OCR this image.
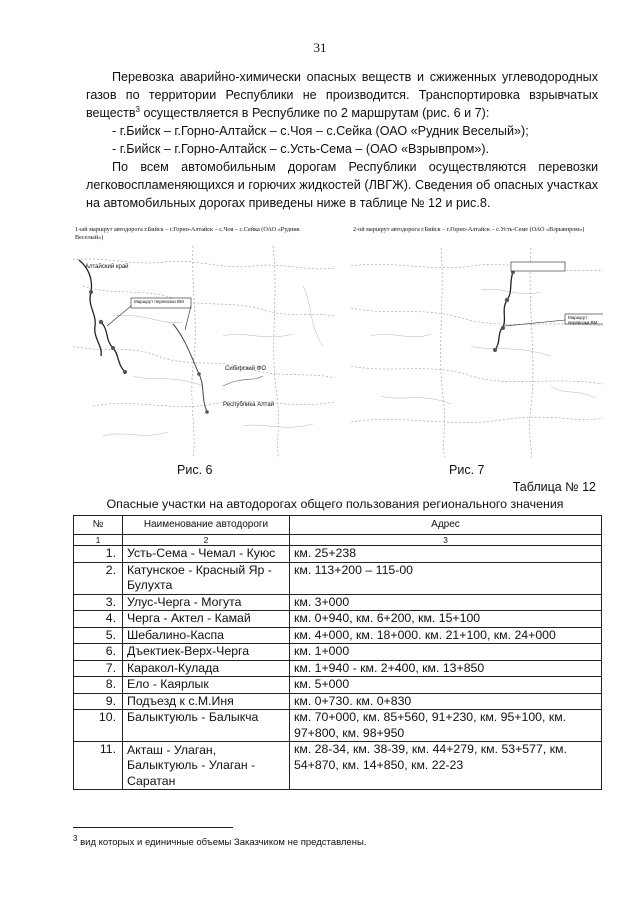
31

Перевозка аварийно-химически опасных веществ и сжиженных углеводородных газов по территории Республики не производится. Транспортировка взрывчатых веществ$^3$ осуществляется в Республике по 2 маршрутам (рис. 6 и 7):

- г.Бийск – г.Горно-Алтайск – с.Чоя – с.Сейка (ОАО «Рудник Веселый»);

- г.Бийск – г.Горно-Алтайск – с.Усть-Сема – (ОАО «Взрывпром»).

По всем автомобильным дорогам Республики осуществляются перевозки легковоспламеняющихся и горючих жидкостей (ЛВГЖ). Сведения об опасных участках на автомобильных дорогах приведены ниже в таблице № 12 и рис.8.

1-ый маршрут автодорога г.Бийск – г.Горно-Алтайск – с.Чоя – с.Сейка (ОАО «Рудник Веселый»)
Алтайский край
Маршрут перевозки ВМ
Сибирский ФО
Республика Алтай
2-ой маршрут автодорога г.Бийск – г.Горно-Алтайск – с.Усть-Семе (ОАО «Взрывпром»)
Маршрут перевозки ВМ
Рис. 6	Рис. 7
Таблица № 12
Опасные участки на автодорогах общего пользования регионального значения
№	Наименование автодороги	Адрес
1	2	3
1.	Усть-Сема - Чемал - Куюс	км. 25+238
2.	Катунское - Красный Яр - Булухта	км. 113+200 – 115-00
3.	Улус-Черга - Могута	км. 3+000
4.	Черга - Актел - Камай	км. 0+940, км. 6+200, км. 15+100
5.	Шебалино-Каспа	км. 4+000, км. 18+000. км. 21+100, км. 24+000
6.	Дъектиек-Верх-Черга	км. 1+000
7.	Каракол-Кулада	км. 1+940 - км. 2+400, км. 13+850
8.	Ело - Каярлык	км. 5+000
9.	Подъезд к с.М.Иня	км. 0+730. км. 0+830
10.	Балыктуюль - Балыкча	км. 70+000, км. 85+560, 91+230, км. 95+100, км. 97+800, км. 98+950
11.	Акташ - Улаган, Балыктуюль - Улаган - Саратан	км. 28-34, км. 38-39, км. 44+279, км. 53+577, км. 54+870, км. 14+850, км. 22-23
$^3$ вид которых и единичные объемы Заказчиком не представлены.
